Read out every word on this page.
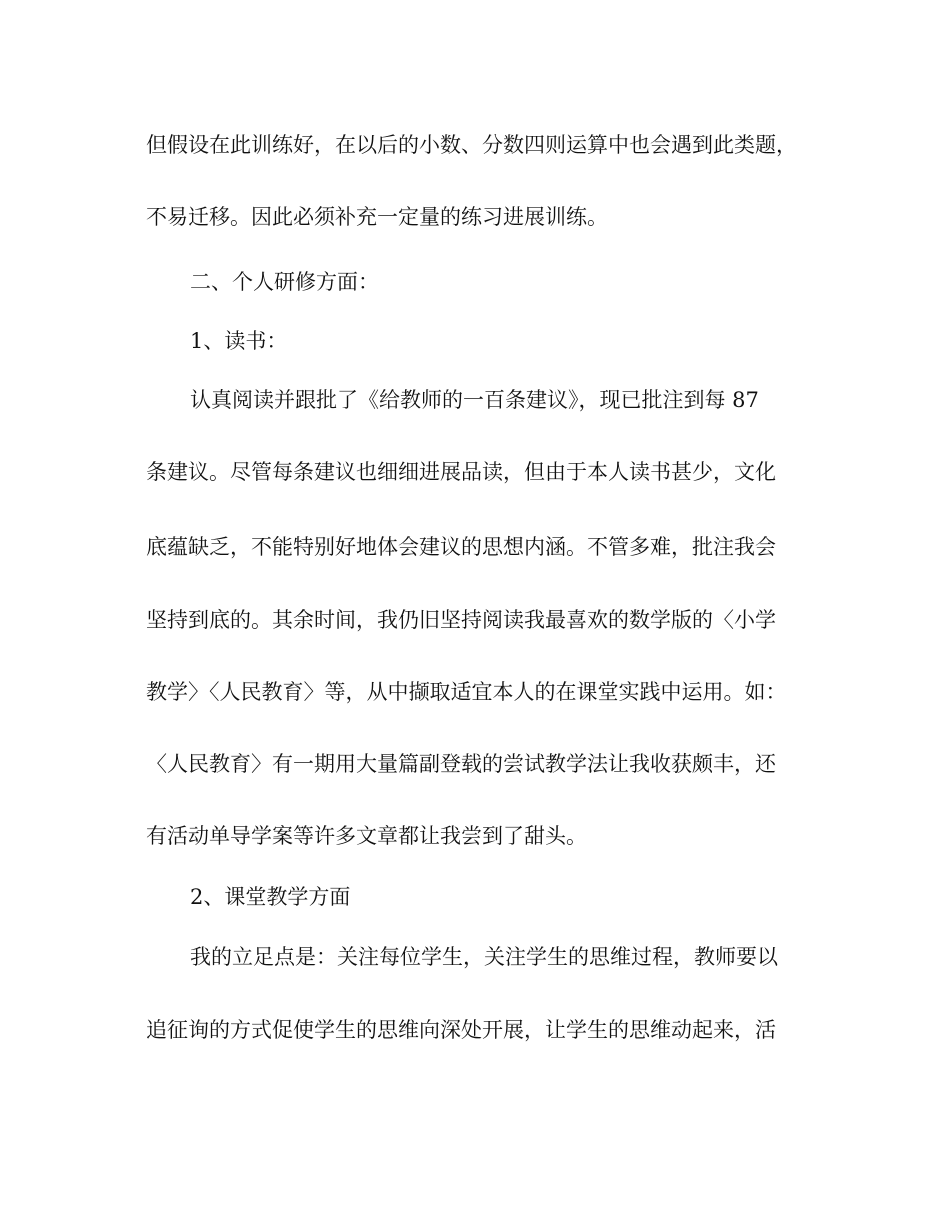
但假设在此训练好，在以后的小数、分数四则运算中也会遇到此类题，
不易迁移。因此必须补充一定量的练习进展训练。
二、个人研修方面：
1、读书：
认真阅读并跟批了《给教师的一百条建议》，现已批注到每 87
条建议。尽管每条建议也细细进展品读，但由于本人读书甚少，文化
底蕴缺乏，不能特别好地体会建议的思想内涵。不管多难，批注我会
坚持到底的。其余时间，我仍旧坚持阅读我最喜欢的数学版的〈小学
教学〉〈人民教育〉等，从中撷取适宜本人的在课堂实践中运用。如：
〈人民教育〉有一期用大量篇副登载的尝试教学法让我收获颇丰，还
有活动单导学案等许多文章都让我尝到了甜头。
2、课堂教学方面
我的立足点是：关注每位学生，关注学生的思维过程，教师要以
追征询的方式促使学生的思维向深处开展，让学生的思维动起来，活
